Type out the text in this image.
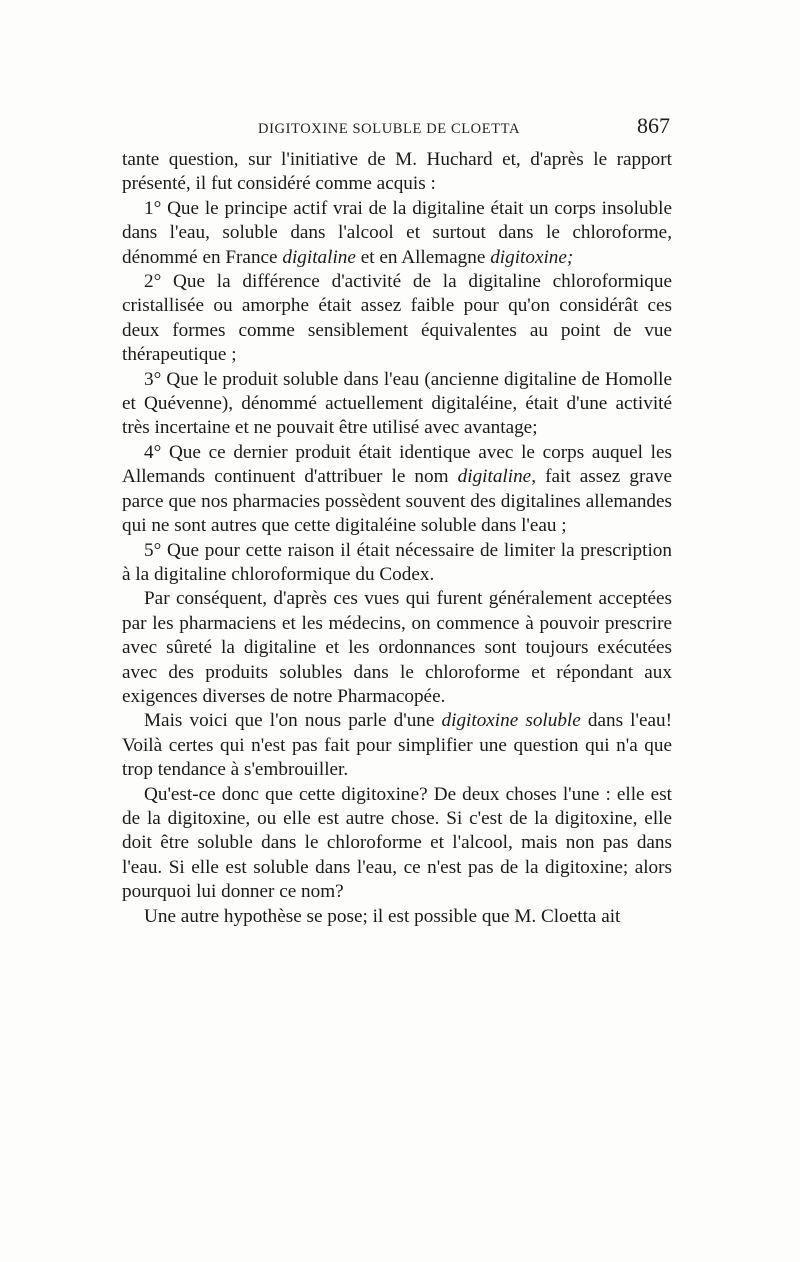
DIGITOXINE SOLUBLE DE CLOETTA	867

tante question, sur l'initiative de M. Huchard et, d'après le rapport présenté, il fut considéré comme acquis :

1° Que le principe actif vrai de la digitaline était un corps insoluble dans l'eau, soluble dans l'alcool et surtout dans le chloroforme, dénommé en France digitaline et en Allemagne digitoxine;

2° Que la différence d'activité de la digitaline chloroformique cristallisée ou amorphe était assez faible pour qu'on considérât ces deux formes comme sensiblement équivalentes au point de vue thérapeutique ;

3° Que le produit soluble dans l'eau (ancienne digitaline de Homolle et Quévenne), dénommé actuellement digitaléine, était d'une activité très incertaine et ne pouvait être utilisé avec avantage;

4° Que ce dernier produit était identique avec le corps auquel les Allemands continuent d'attribuer le nom digitaline, fait assez grave parce que nos pharmacies possèdent souvent des digitalines allemandes qui ne sont autres que cette digitaléine soluble dans l'eau ;

5° Que pour cette raison il était nécessaire de limiter la prescription à la digitaline chloroformique du Codex.

Par conséquent, d'après ces vues qui furent généralement acceptées par les pharmaciens et les médecins, on commence à pouvoir prescrire avec sûreté la digitaline et les ordonnances sont toujours exécutées avec des produits solubles dans le chloroforme et répondant aux exigences diverses de notre Pharmacopée.

Mais voici que l'on nous parle d'une digitoxine soluble dans l'eau! Voilà certes qui n'est pas fait pour simplifier une question qui n'a que trop tendance à s'embrouiller.

Qu'est-ce donc que cette digitoxine? De deux choses l'une : elle est de la digitoxine, ou elle est autre chose. Si c'est de la digitoxine, elle doit être soluble dans le chloroforme et l'alcool, mais non pas dans l'eau. Si elle est soluble dans l'eau, ce n'est pas de la digitoxine; alors pourquoi lui donner ce nom?

Une autre hypothèse se pose; il est possible que M. Cloetta ait
